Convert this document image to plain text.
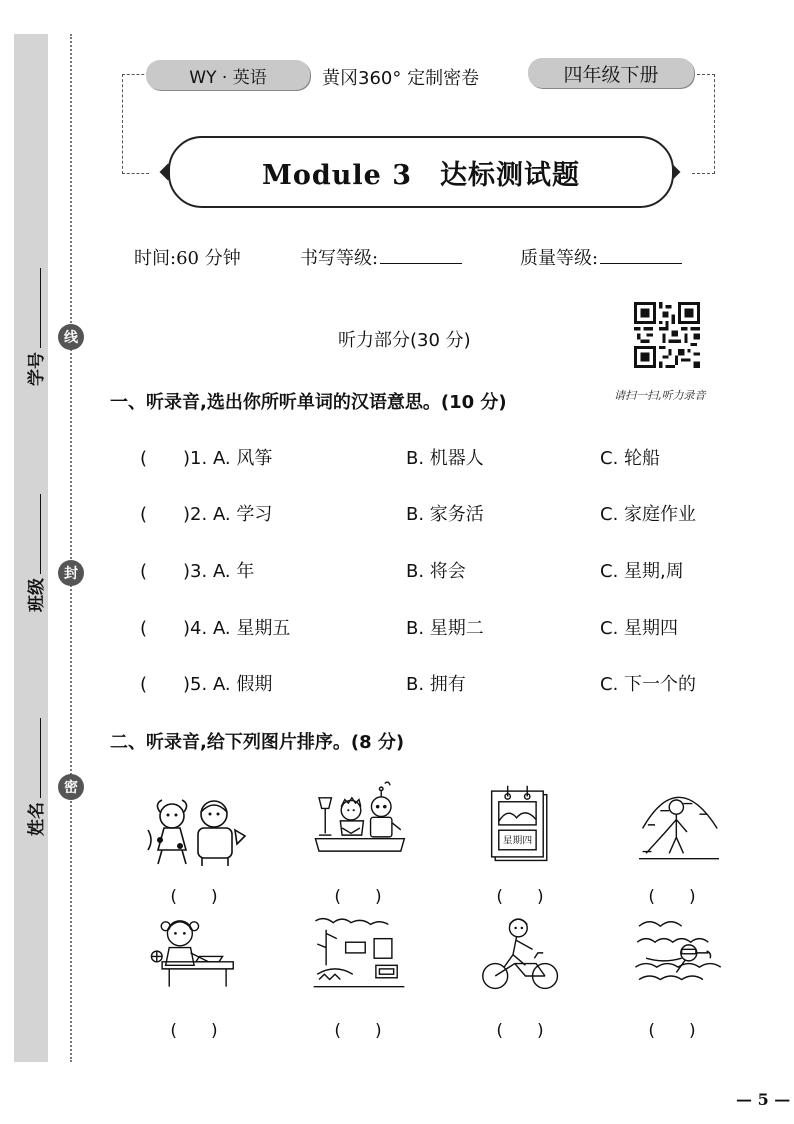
学号
班级
姓名
线
封
密
WY · 英语	黄冈360° 定制密卷	四年级下册
Module 3　达标测试题
时间:60 分钟	书写等级:	质量等级:
听力部分(30 分)
请扫一扫,听力录音
一、听录音,选出你所听单词的汉语意思。(10 分)
(　　)1. A. 风筝	B. 机器人	C. 轮船
(　　)2. A. 学习	B. 家务活	C. 家庭作业
(　　)3. A. 年	B. 将会	C. 星期,周
(　　)4. A. 星期五	B. 星期二	C. 星期四
(　　)5. A. 假期	B. 拥有	C. 下一个的
二、听录音,给下列图片排序。(8 分)
星期四
(　　)	(　　)	(　　)	(　　)
(　　)	(　　)	(　　)	(　　)
— 5 —
